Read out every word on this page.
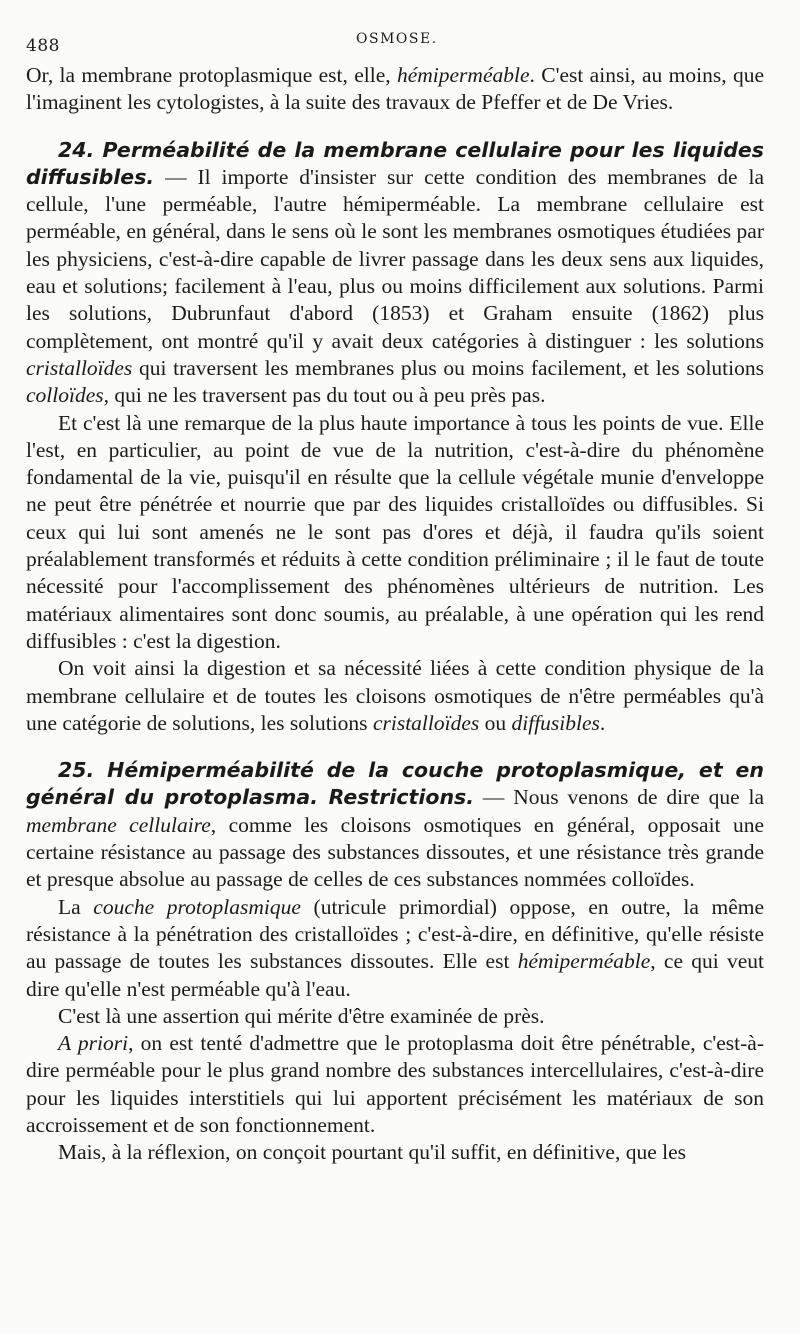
488	OSMOSE.

Or, la membrane protoplasmique est, elle, hémiperméable. C'est ainsi, au moins, que l'imaginent les cytologistes, à la suite des travaux de Pfeffer et de De Vries.

24. Perméabilité de la membrane cellulaire pour les liquides diffusibles. — Il importe d'insister sur cette condition des membranes de la cellule, l'une perméable, l'autre hémiperméable. La membrane cellulaire est perméable, en général, dans le sens où le sont les membranes osmotiques étudiées par les physiciens, c'est-à-dire capable de livrer passage dans les deux sens aux liquides, eau et solutions; facilement à l'eau, plus ou moins difficilement aux solutions. Parmi les solutions, Dubrunfaut d'abord (1853) et Graham ensuite (1862) plus complètement, ont montré qu'il y avait deux catégories à distinguer : les solutions cristalloïdes qui traversent les membranes plus ou moins facilement, et les solutions colloïdes, qui ne les traversent pas du tout ou à peu près pas.

Et c'est là une remarque de la plus haute importance à tous les points de vue. Elle l'est, en particulier, au point de vue de la nutrition, c'est-à-dire du phénomène fondamental de la vie, puisqu'il en résulte que la cellule végétale munie d'enveloppe ne peut être pénétrée et nourrie que par des liquides cristalloïdes ou diffusibles. Si ceux qui lui sont amenés ne le sont pas d'ores et déjà, il faudra qu'ils soient préalablement transformés et réduits à cette condition préliminaire ; il le faut de toute nécessité pour l'accomplissement des phénomènes ultérieurs de nutrition. Les matériaux alimentaires sont donc soumis, au préalable, à une opération qui les rend diffusibles : c'est la digestion.

On voit ainsi la digestion et sa nécessité liées à cette condition physique de la membrane cellulaire et de toutes les cloisons osmotiques de n'être perméables qu'à une catégorie de solutions, les solutions cristalloïdes ou diffusibles.

25. Hémiperméabilité de la couche protoplasmique, et en général du protoplasma. Restrictions. — Nous venons de dire que la membrane cellulaire, comme les cloisons osmotiques en général, opposait une certaine résistance au passage des substances dissoutes, et une résistance très grande et presque absolue au passage de celles de ces substances nommées colloïdes.

La couche protoplasmique (utricule primordial) oppose, en outre, la même résistance à la pénétration des cristalloïdes ; c'est-à-dire, en définitive, qu'elle résiste au passage de toutes les substances dissoutes. Elle est hémiperméable, ce qui veut dire qu'elle n'est perméable qu'à l'eau.

C'est là une assertion qui mérite d'être examinée de près.

A priori, on est tenté d'admettre que le protoplasma doit être pénétrable, c'est-à-dire perméable pour le plus grand nombre des substances intercellulaires, c'est-à-dire pour les liquides interstitiels qui lui apportent précisément les matériaux de son accroissement et de son fonctionnement.

Mais, à la réflexion, on conçoit pourtant qu'il suffit, en définitive, que les
